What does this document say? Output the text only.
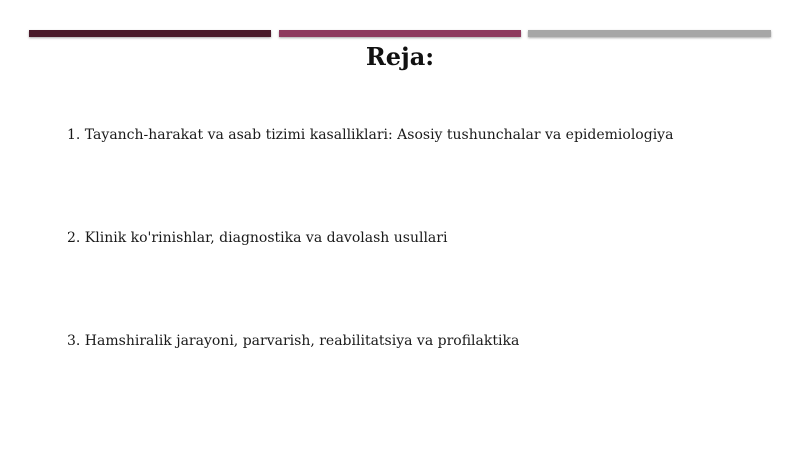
Reja:
1. Tayanch-harakat va asab tizimi kasalliklari: Asosiy tushunchalar va epidemiologiya
2. Klinik ko'rinishlar, diagnostika va davolash usullari
3. Hamshiralik jarayoni, parvarish, reabilitatsiya va profilaktika
